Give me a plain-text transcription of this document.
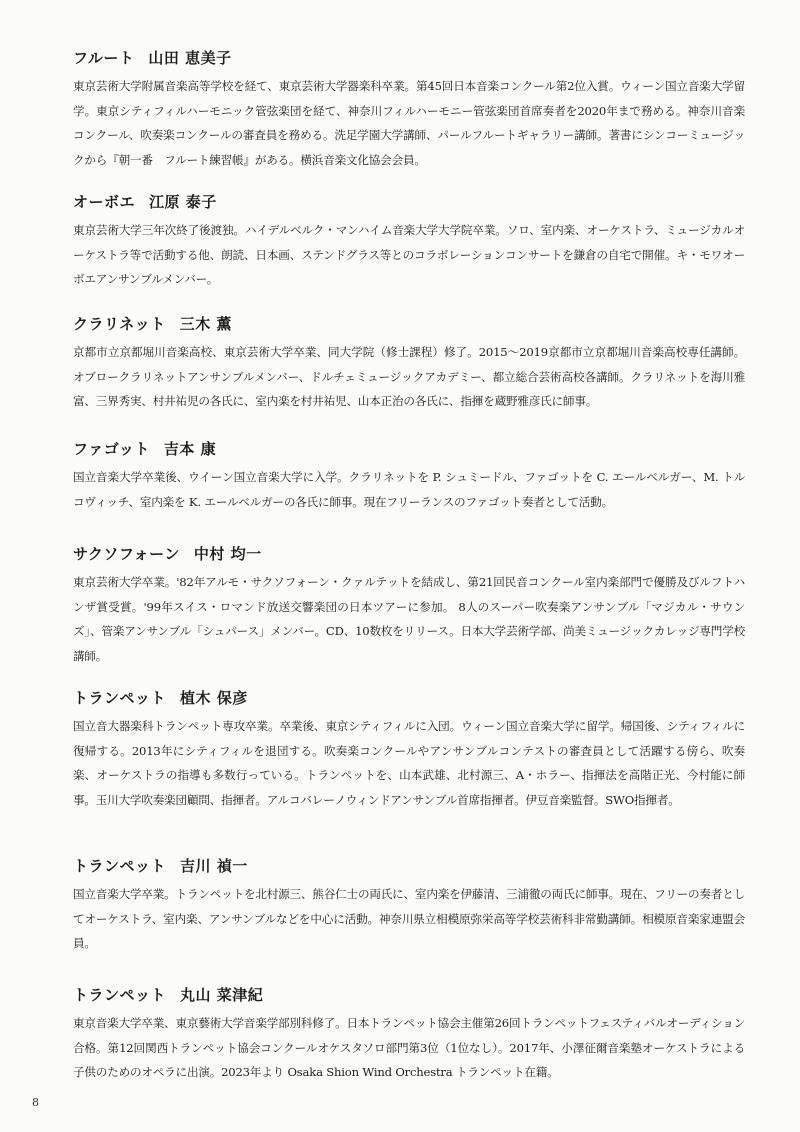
フルート 山田 恵美子
東京芸術大学附属音楽高等学校を経て、東京芸術大学器楽科卒業。第45回日本音楽コンクール第2位入賞。ウィーン国立音楽大学留学。東京シティフィルハーモニック管弦楽団を経て、神奈川フィルハーモニー管弦楽団首席奏者を2020年まで務める。神奈川音楽コンクール、吹奏楽コンクールの審査員を務める。洗足学園大学講師、パールフルートギャラリー講師。著書にシンコーミュージックから『朝一番　フルート練習帳』がある。横浜音楽文化協会会員。
オーボエ 江原 泰子
東京芸術大学三年次終了後渡独。ハイデルベルク・マンハイム音楽大学大学院卒業。ソロ、室内楽、オーケストラ、ミュージカルオーケストラ等で活動する他、朗読、日本画、ステンドグラス等とのコラボレーションコンサートを鎌倉の自宅で開催。キ・モワオーボエアンサンブルメンバー。
クラリネット 三木 薫
京都市立京都堀川音楽高校、東京芸術大学卒業、同大学院（修士課程）修了。2015～2019京都市立京都堀川音楽高校専任講師。オブロークラリネットアンサンブルメンバー、ドルチェミュージックアカデミー、都立総合芸術高校各講師。クラリネットを海川雅富、三界秀実、村井祐児の各氏に、室内楽を村井祐児、山本正治の各氏に、指揮を蔵野雅彦氏に師事。
ファゴット 吉本 康
国立音楽大学卒業後、ウイーン国立音楽大学に入学。クラリネットを P. シュミードル、ファゴットを C. エールベルガー、M. トルコヴィッチ、室内楽を K. エールベルガーの各氏に師事。現在フリーランスのファゴット奏者として活動。
サクソフォーン 中村 均一
東京芸術大学卒業。'82年アルモ・サクソフォーン・クァルテットを結成し、第21回民音コンクール室内楽部門で優勝及びルフトハンザ賞受賞。'99年スイス・ロマンド放送交響楽団の日本ツアーに参加。 8人のスーパー吹奏楽アンサンブル「マジカル・サウンズ」、管楽アンサンブル「シュパース」メンバー。CD、10数枚をリリース。日本大学芸術学部、尚美ミュージックカレッジ専門学校講師。
トランペット 植木 保彦
国立音大器楽科トランペット専攻卒業。卒業後、東京シティフィルに入団。ウィーン国立音楽大学に留学。帰国後、シティフィルに復帰する。2013年にシティフィルを退団する。吹奏楽コンクールやアンサンブルコンテストの審査員として活躍する傍ら、吹奏楽、オーケストラの指導も多数行っている。トランペットを、山本武雄、北村源三、A・ホラー、指揮法を高階正光、今村能に師事。玉川大学吹奏楽団顧問、指揮者。アルコバレーノウィンドアンサンブル首席指揮者。伊豆音楽監督。SWO指揮者。
トランペット 吉川 禎一
国立音楽大学卒業。トランペットを北村源三、熊谷仁士の両氏に、室内楽を伊藤清、三浦徹の両氏に師事。現在、フリーの奏者としてオーケストラ、室内楽、アンサンブルなどを中心に活動。神奈川県立相模原弥栄高等学校芸術科非常勤講師。相模原音楽家連盟会員。
トランペット 丸山 菜津紀
東京音楽大学卒業、東京藝術大学音楽学部別科修了。日本トランペット協会主催第26回トランペットフェスティバルオーディション合格。第12回関西トランペット協会コンクールオケスタソロ部門第3位（1位なし）。2017年、小澤征爾音楽塾オーケストラによる子供のためのオペラに出演。2023年より Osaka Shion Wind Orchestra トランペット在籍。
8
